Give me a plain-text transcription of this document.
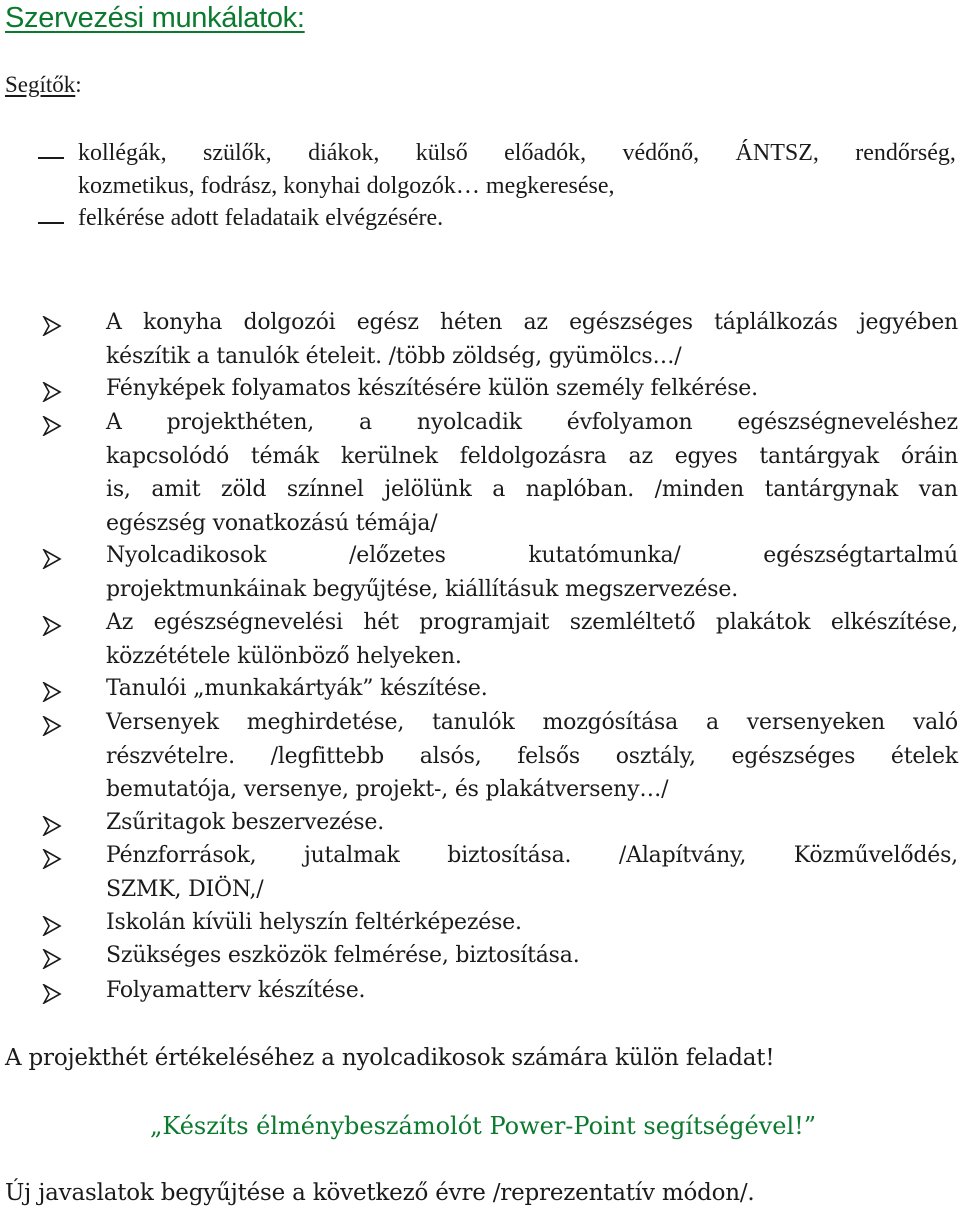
Szervezési munkálatok:
Segítők:
kollégák, szülők, diákok, külső előadók, védőnő, ÁNTSZ, rendőrség,
kozmetikus, fodrász, konyhai dolgozók… megkeresése,
felkérése adott feladataik elvégzésére.
A konyha dolgozói egész héten az egészséges táplálkozás jegyében
készítik a tanulók ételeit. /több zöldség, gyümölcs…/
Fényképek folyamatos készítésére külön személy felkérése.
A projekthéten, a nyolcadik évfolyamon egészségneveléshez
kapcsolódó témák kerülnek feldolgozásra az egyes tantárgyak óráin
is, amit zöld színnel jelölünk a naplóban. /minden tantárgynak van
egészség vonatkozású témája/
Nyolcadikosok	/előzetes	kutatómunka/	egészségtartalmú
projektmunkáinak begyűjtése, kiállításuk megszervezése.
Az egészségnevelési hét programjait szemléltető plakátok elkészítése,
közzététele különböző helyeken.
Tanulói „munkakártyák” készítése.
Versenyek meghirdetése, tanulók mozgósítása a versenyeken való
részvételre. /legfittebb alsós, felsős osztály, egészséges ételek
bemutatója, versenye, projekt-, és plakátverseny…/
Zsűritagok beszervezése.
Pénzforrások, jutalmak biztosítása. /Alapítvány, Közművelődés,
SZMK, DIÖN,/
Iskolán kívüli helyszín feltérképezése.
Szükséges eszközök felmérése, biztosítása.
Folyamatterv készítése.
A projekthét értékeléséhez a nyolcadikosok számára külön feladat!
„Készíts élménybeszámolót Power-Point segítségével!”
Új javaslatok begyűjtése a következő évre /reprezentatív módon/.
